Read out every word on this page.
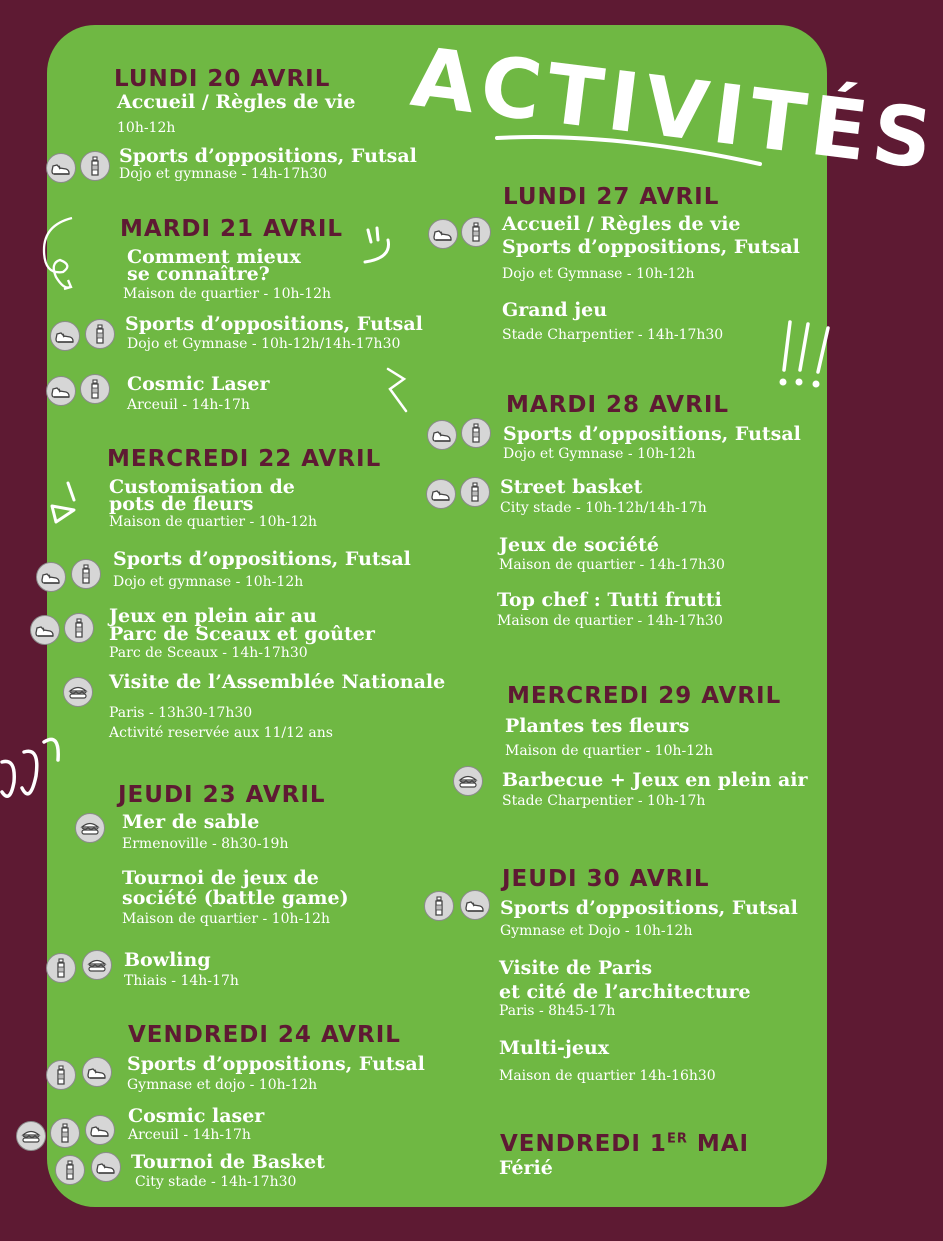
ACTIVITÉS
LUNDI 20 AVRIL
Accueil / Règles de vie
10h-12h
Sports d’oppositions, Futsal
Dojo et gymnase - 14h-17h30
MARDI 21 AVRIL
Comment mieux
se connaître?
Maison de quartier - 10h-12h
Sports d’oppositions, Futsal
Dojo et Gymnase - 10h-12h/14h-17h30
Cosmic Laser
Arceuil - 14h-17h
MERCREDI 22 AVRIL
Customisation de
pots de fleurs
Maison de quartier - 10h-12h
Sports d’oppositions, Futsal
Dojo et gymnase - 10h-12h
Jeux en plein air au
Parc de Sceaux et goûter
Parc de Sceaux - 14h-17h30
Visite de l’Assemblée Nationale
Paris - 13h30-17h30
Activité reservée aux 11/12 ans
JEUDI 23 AVRIL
Mer de sable
Ermenoville - 8h30-19h
Tournoi de jeux de
société (battle game)
Maison de quartier - 10h-12h
Bowling
Thiais - 14h-17h
VENDREDI 24 AVRIL
Sports d’oppositions, Futsal
Gymnase et dojo - 10h-12h
Cosmic laser
Arceuil - 14h-17h
Tournoi de Basket
City stade - 14h-17h30
LUNDI 27 AVRIL
Accueil / Règles de vie
Sports d’oppositions, Futsal
Dojo et Gymnase - 10h-12h
Grand jeu
Stade Charpentier - 14h-17h30
MARDI 28 AVRIL
Sports d’oppositions, Futsal
Dojo et Gymnase - 10h-12h
Street basket
City stade - 10h-12h/14h-17h
Jeux de société
Maison de quartier - 14h-17h30
Top chef : Tutti frutti
Maison de quartier - 14h-17h30
MERCREDI 29 AVRIL
Plantes tes fleurs
Maison de quartier - 10h-12h
Barbecue + Jeux en plein air
Stade Charpentier - 10h-17h
JEUDI 30 AVRIL
Sports d’oppositions, Futsal
Gymnase et Dojo - 10h-12h
Visite de Paris
et cité de l’architecture
Paris - 8h45-17h
Multi-jeux
Maison de quartier 14h-16h30
VENDREDI 1ER MAI
Férié
